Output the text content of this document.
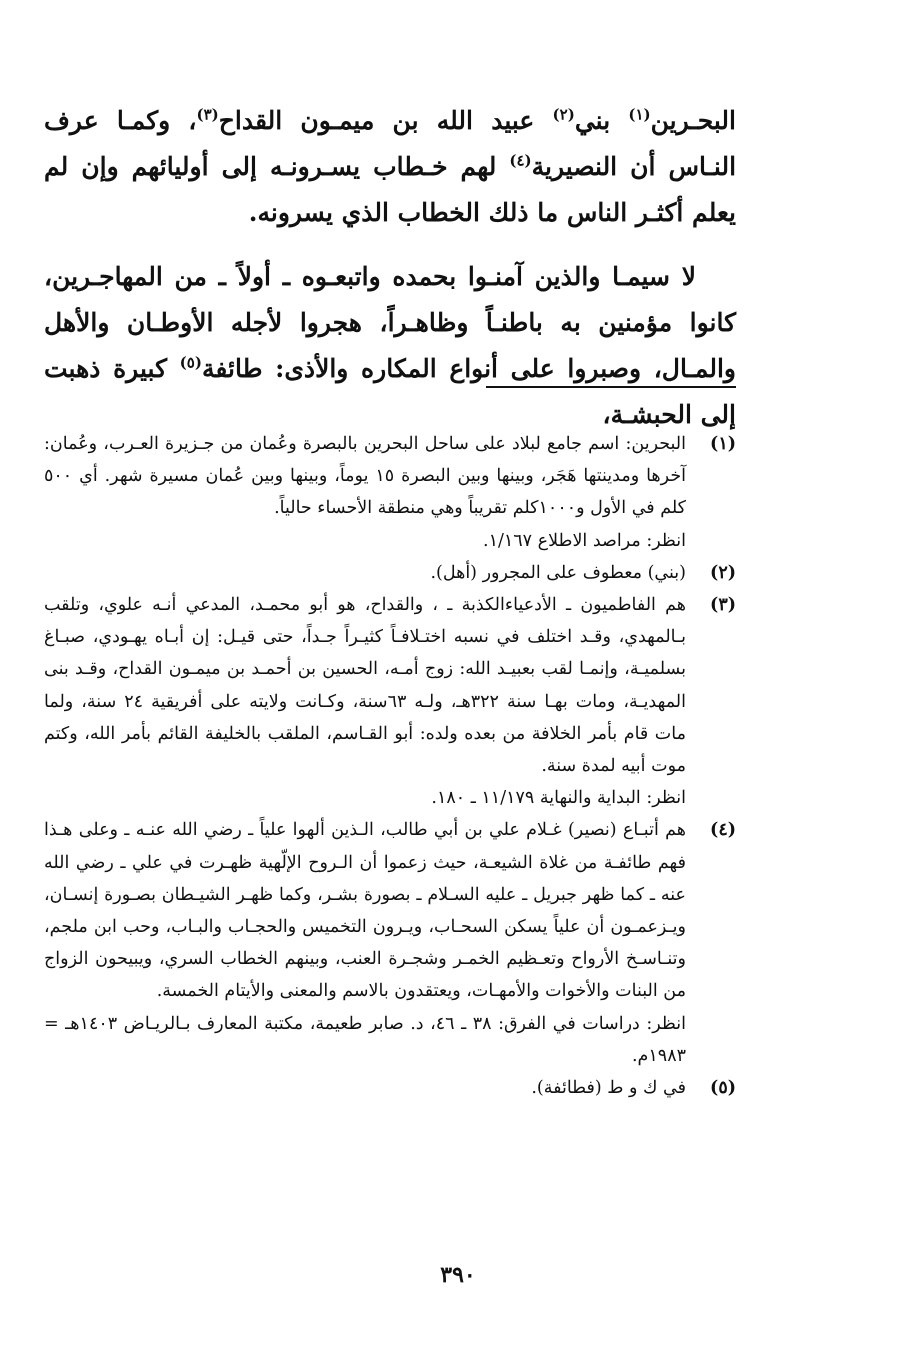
البحـرين$^{(١)}$ بني$^{(٢)}$ عبيد الله بن ميمـون القداح$^{(٣)}$، وكمـا عرف النـاس أن النصيرية$^{(٤)}$ لهم خـطاب يسـرونـه إلى أوليائهم وإن لم يعلم أكثـر الناس ما ذلك الخطاب الذي يسرونه.

لا سيمـا والذين آمنـوا بحمده واتبعـوه ـ أولاً ـ من المهاجـرين، كانوا مؤمنين به باطنـاً وظاهـراً، هجروا لأجله الأوطـان والأهل والمـال، وصبروا على أنواع المكاره والأذى: طائفة$^{(٥)}$ كبيرة ذهبت إلى الحبشـة،

(١)
البحرين: اسم جامع لبلاد على ساحل البحرين بالبصرة وعُمان من جـزيرة العـرب، وعُمان: آخرها ومدينتها هَجَر، وبينها وبين البصرة ١٥ يوماً، وبينها وبين عُمان مسيرة شهر. أي ٥٠٠ كلم في الأول و١٠٠٠كلم تقريباً وهي منطقة الأحساء حالياً.
انظر: مراصد الاطلاع ١/١٦٧.
(٢)
(بني) معطوف على المجرور (أهل).
(٣)
هم الفاطميون ـ الأدعياءالكذبة ـ ، والقداح، هو أبو محمـد، المدعي أنـه علوي، وتلقب بـالمهدي، وقـد اختلف في نسبه اختـلافـاً كثيـراً جـداً، حتى قيـل: إن أبـاه يهـودي، صبـاغ بسلميـة، وإنمـا لقب بعبيـد الله: زوج أمـه، الحسين بن أحمـد بن ميمـون القداح، وقـد بنى المهديـة، ومات بهـا سنة ٣٢٢هـ، ولـه ٦٣سنة، وكـانت ولايته على أفريقية ٢٤ سنة، ولما مات قام بأمر الخلافة من بعده ولده: أبو القـاسم، الملقب بالخليفة القائم بأمر الله، وكتم موت أبيه لمدة سنة.
انظر: البداية والنهاية ١١/١٧٩ ـ ١٨٠.
(٤)
هم أتبـاع (نصير) غـلام علي بن أبي طالب، الـذين ألهوا علياً ـ رضي الله عنـه ـ وعلى هـذا فهم طائفـة من غلاة الشيعـة، حيث زعموا أن الـروح الإلّهية ظهـرت في علي ـ رضي الله عنه ـ كما ظهر جبريل ـ عليه السـلام ـ بصورة بشـر، وكما ظهـر الشيـطان بصـورة إنسـان، ويـزعمـون أن علياً يسكن السحـاب، ويـرون التخميس والحجـاب والبـاب، وحب ابن ملجم، وتنـاسـخ الأرواح وتعـظيم الخمـر وشجـرة العنب، وبينهم الخطاب السري، ويبيحون الزواج من البنات والأخوات والأمهـات، ويعتقدون بالاسم والمعنى والأيتام الخمسة.
انظر: دراسات في الفرق: ٣٨ ـ ٤٦، د. صابر طعيمة، مكتبة المعارف بـالريـاض ١٤٠٣هـ = ١٩٨٣م.
(٥)
في ك و ط (فطائفة).
٣٩٠
